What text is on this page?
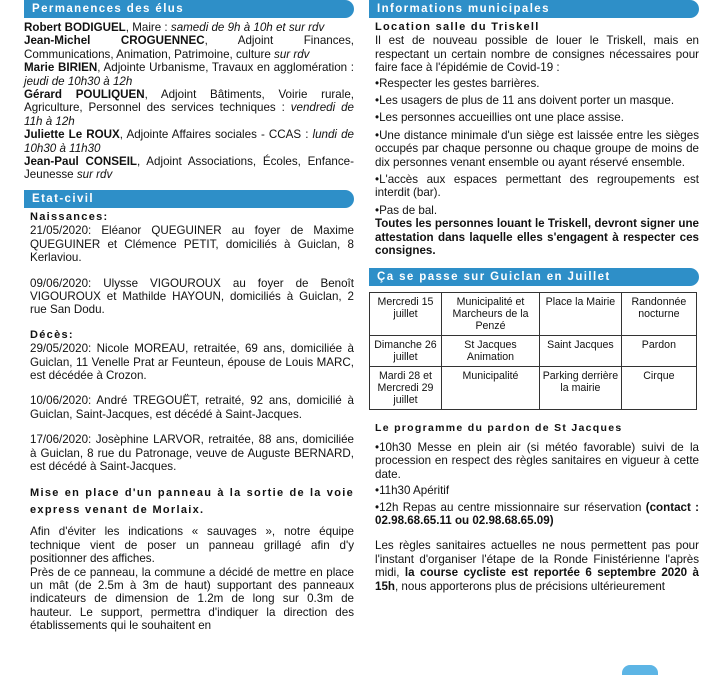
Permanences des élus

Robert BODIGUEL, Maire : samedi de 9h à 10h et sur rdv

Jean-Michel CROGUENNEC, Adjoint Finances, Communications, Animation, Patrimoine, culture sur rdv

Marie BIRIEN, Adjointe Urbanisme, Travaux en agglomération : jeudi de 10h30 à 12h

Gérard POULIQUEN, Adjoint Bâtiments, Voirie rurale, Agriculture, Personnel des services techniques : vendredi de 11h à 12h

Juliette Le ROUX, Adjointe Affaires sociales - CCAS : lundi de 10h30 à 11h30

Jean-Paul CONSEIL, Adjoint Associations, Écoles, Enfance-Jeunesse sur rdv

Etat-civil

Naissances:

21/05/2020: Eléanor QUEGUINER au foyer de Maxime QUEGUINER et Clémence PETIT, domiciliés à Guiclan, 8 Kerlaviou.

09/06/2020: Ulysse VIGOUROUX au foyer de Benoît VIGOUROUX et Mathilde HAYOUN, domiciliés à Guiclan, 2 rue San Dodu.

Décès:

29/05/2020: Nicole MOREAU, retraitée, 69 ans, domiciliée à Guiclan, 11 Venelle Prat ar Feunteun, épouse de Louis MARC, est décédée à Crozon.

10/06/2020: André TREGOUËT, retraité, 92 ans, domicilié à Guiclan, Saint-Jacques, est décédé à Saint-Jacques.

17/06/2020: Josèphine LARVOR, retraitée, 88 ans, domiciliée à Guiclan, 8 rue du Patronage, veuve de Auguste BERNARD, est décédé à Saint-Jacques.

Mise en place d'un panneau à la sortie de la voie express venant de Morlaix.

Afin d'éviter les indications « sauvages », notre équipe technique vient de poser un panneau grillagé afin d'y positionner des affiches.

Près de ce panneau, la commune a décidé de mettre en place un mât (de 2.5m à 3m de haut) supportant des panneaux indicateurs de dimension de 1.2m de long sur 0.3m de hauteur. Le support, permettra d'indiquer la direction des établissements qui le souhaitent en

Informations municipales

Location salle du Triskell

Il est de nouveau possible de louer le Triskell, mais en respectant un certain nombre de consignes nécessaires pour faire face à l'épidémie de Covid-19 :

•Respecter les gestes barrières.
•Les usagers de plus de 11 ans doivent porter un masque.
•Les personnes accueillies ont une place assise.
•Une distance minimale d'un siège est laissée entre les sièges occupés par chaque personne ou chaque groupe de moins de dix personnes venant ensemble ou ayant réservé ensemble.
•L'accès aux espaces permettant des regroupements est interdit (bar).
•Pas de bal.

Toutes les personnes louant le Triskell, devront signer une attestation dans laquelle elles s'engagent à respecter ces consignes.

Ça se passe sur Guiclan en Juillet
Mercredi 15 juillet	Municipalité et Marcheurs de la Penzé	Place la Mairie	Randonnée nocturne
Dimanche 26 juillet	St Jacques Animation	Saint Jacques	Pardon
Mardi 28 et Mercredi 29 juillet	Municipalité	Parking derrière la mairie	Cirque

Le programme du pardon de St Jacques

•10h30 Messe en plein air (si météo favorable) suivi de la procession en respect des règles sanitaires en vigueur à cette date.

•11h30 Apéritif

•12h Repas au centre missionnaire sur réservation (contact : 02.98.68.65.11 ou 02.98.68.65.09)

Les règles sanitaires actuelles ne nous permettent pas pour l'instant d'organiser l'étape de la Ronde Finistérienne l'après midi, la course cycliste est reportée 6 septembre 2020 à 15h, nous apporterons plus de précisions ultérieurement
